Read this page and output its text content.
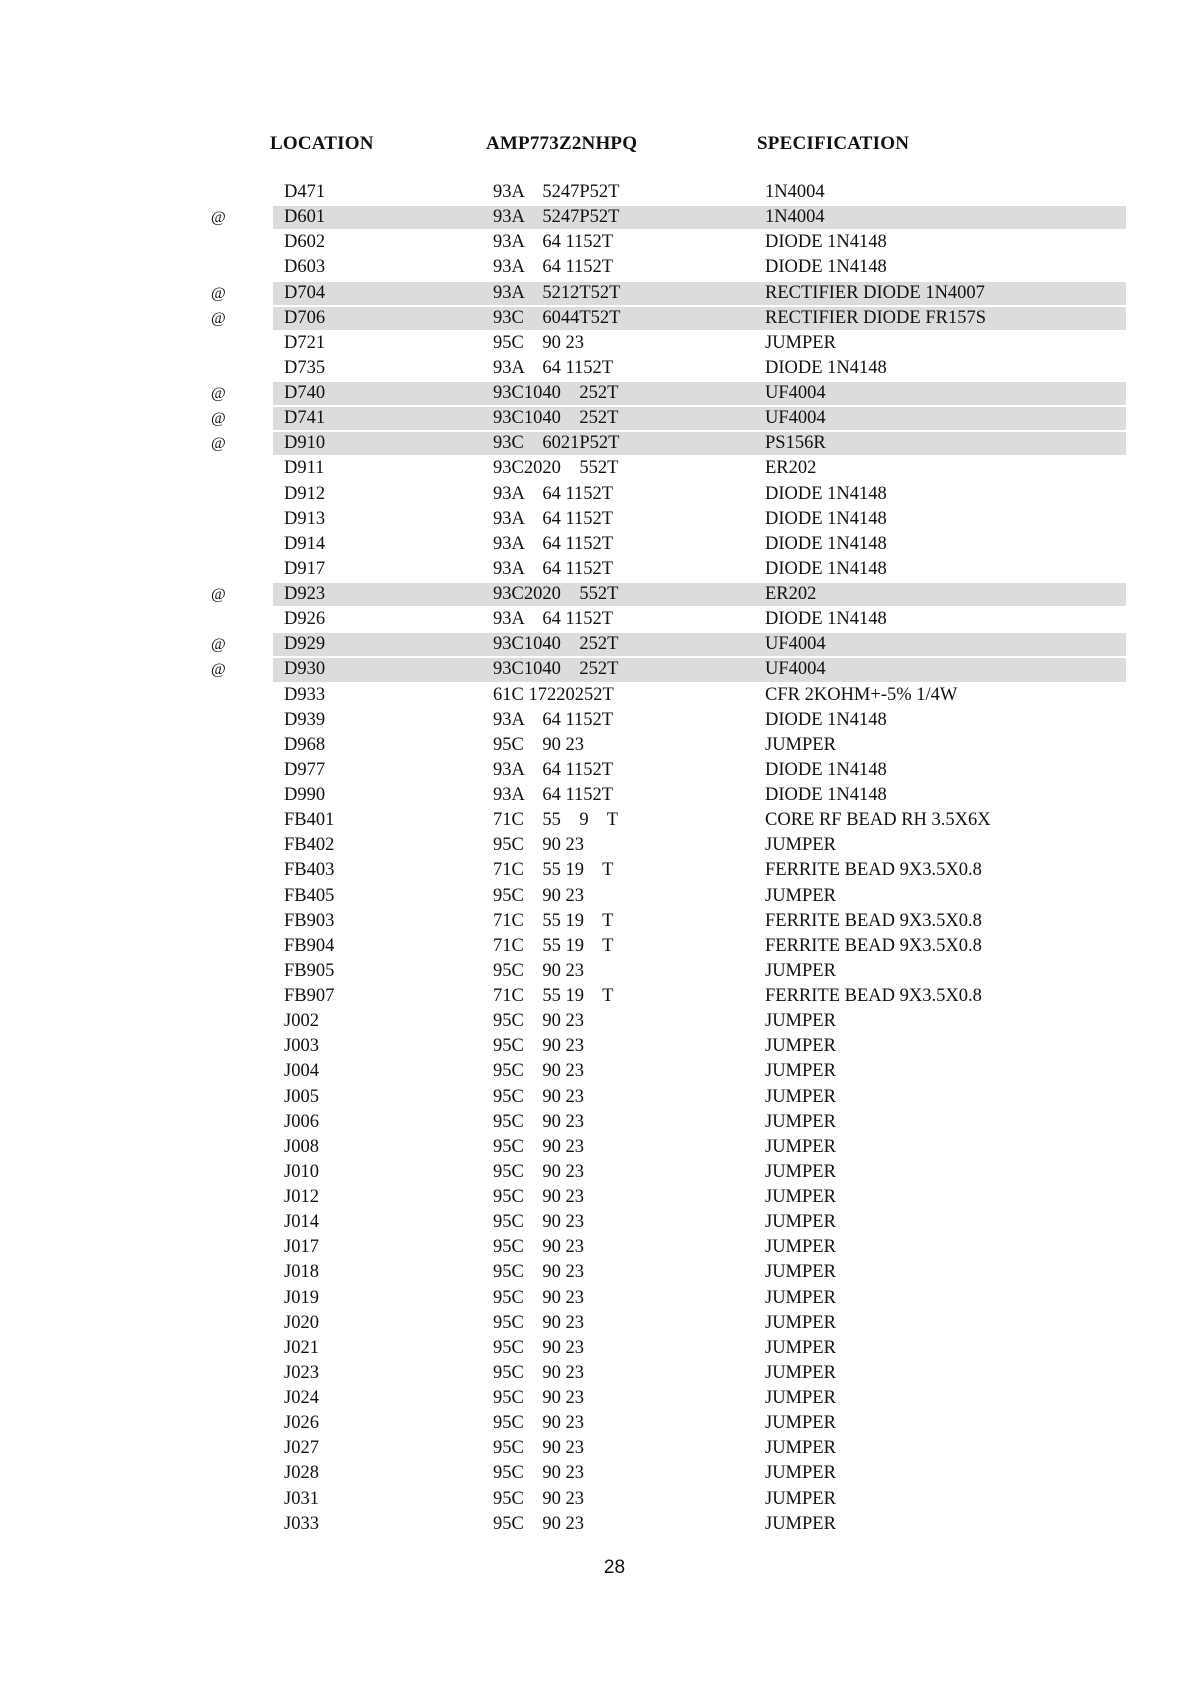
LOCATION	AMP773Z2NHPQ	SPECIFICATION
D471	93A    5247P52T	1N4004
@	D601	93A    5247P52T	1N4004
D602	93A    64 1152T	DIODE 1N4148
D603	93A    64 1152T	DIODE 1N4148
@	D704	93A    5212T52T	RECTIFIER DIODE 1N4007
@	D706	93C    6044T52T	RECTIFIER DIODE FR157S
D721	95C    90 23	JUMPER
D735	93A    64 1152T	DIODE 1N4148
@	D740	93C1040    252T	UF4004
@	D741	93C1040    252T	UF4004
@	D910	93C    6021P52T	PS156R
D911	93C2020    552T	ER202
D912	93A    64 1152T	DIODE 1N4148
D913	93A    64 1152T	DIODE 1N4148
D914	93A    64 1152T	DIODE 1N4148
D917	93A    64 1152T	DIODE 1N4148
@	D923	93C2020    552T	ER202
D926	93A    64 1152T	DIODE 1N4148
@	D929	93C1040    252T	UF4004
@	D930	93C1040    252T	UF4004
D933	61C 17220252T	CFR 2KOHM+-5% 1/4W
D939	93A    64 1152T	DIODE 1N4148
D968	95C    90 23	JUMPER
D977	93A    64 1152T	DIODE 1N4148
D990	93A    64 1152T	DIODE 1N4148
FB401	71C    55    9    T	CORE RF BEAD RH 3.5X6X
FB402	95C    90 23	JUMPER
FB403	71C    55 19    T	FERRITE BEAD 9X3.5X0.8
FB405	95C    90 23	JUMPER
FB903	71C    55 19    T	FERRITE BEAD 9X3.5X0.8
FB904	71C    55 19    T	FERRITE BEAD 9X3.5X0.8
FB905	95C    90 23	JUMPER
FB907	71C    55 19    T	FERRITE BEAD 9X3.5X0.8
J002	95C    90 23	JUMPER
J003	95C    90 23	JUMPER
J004	95C    90 23	JUMPER
J005	95C    90 23	JUMPER
J006	95C    90 23	JUMPER
J008	95C    90 23	JUMPER
J010	95C    90 23	JUMPER
J012	95C    90 23	JUMPER
J014	95C    90 23	JUMPER
J017	95C    90 23	JUMPER
J018	95C    90 23	JUMPER
J019	95C    90 23	JUMPER
J020	95C    90 23	JUMPER
J021	95C    90 23	JUMPER
J023	95C    90 23	JUMPER
J024	95C    90 23	JUMPER
J026	95C    90 23	JUMPER
J027	95C    90 23	JUMPER
J028	95C    90 23	JUMPER
J031	95C    90 23	JUMPER
J033	95C    90 23	JUMPER
28
